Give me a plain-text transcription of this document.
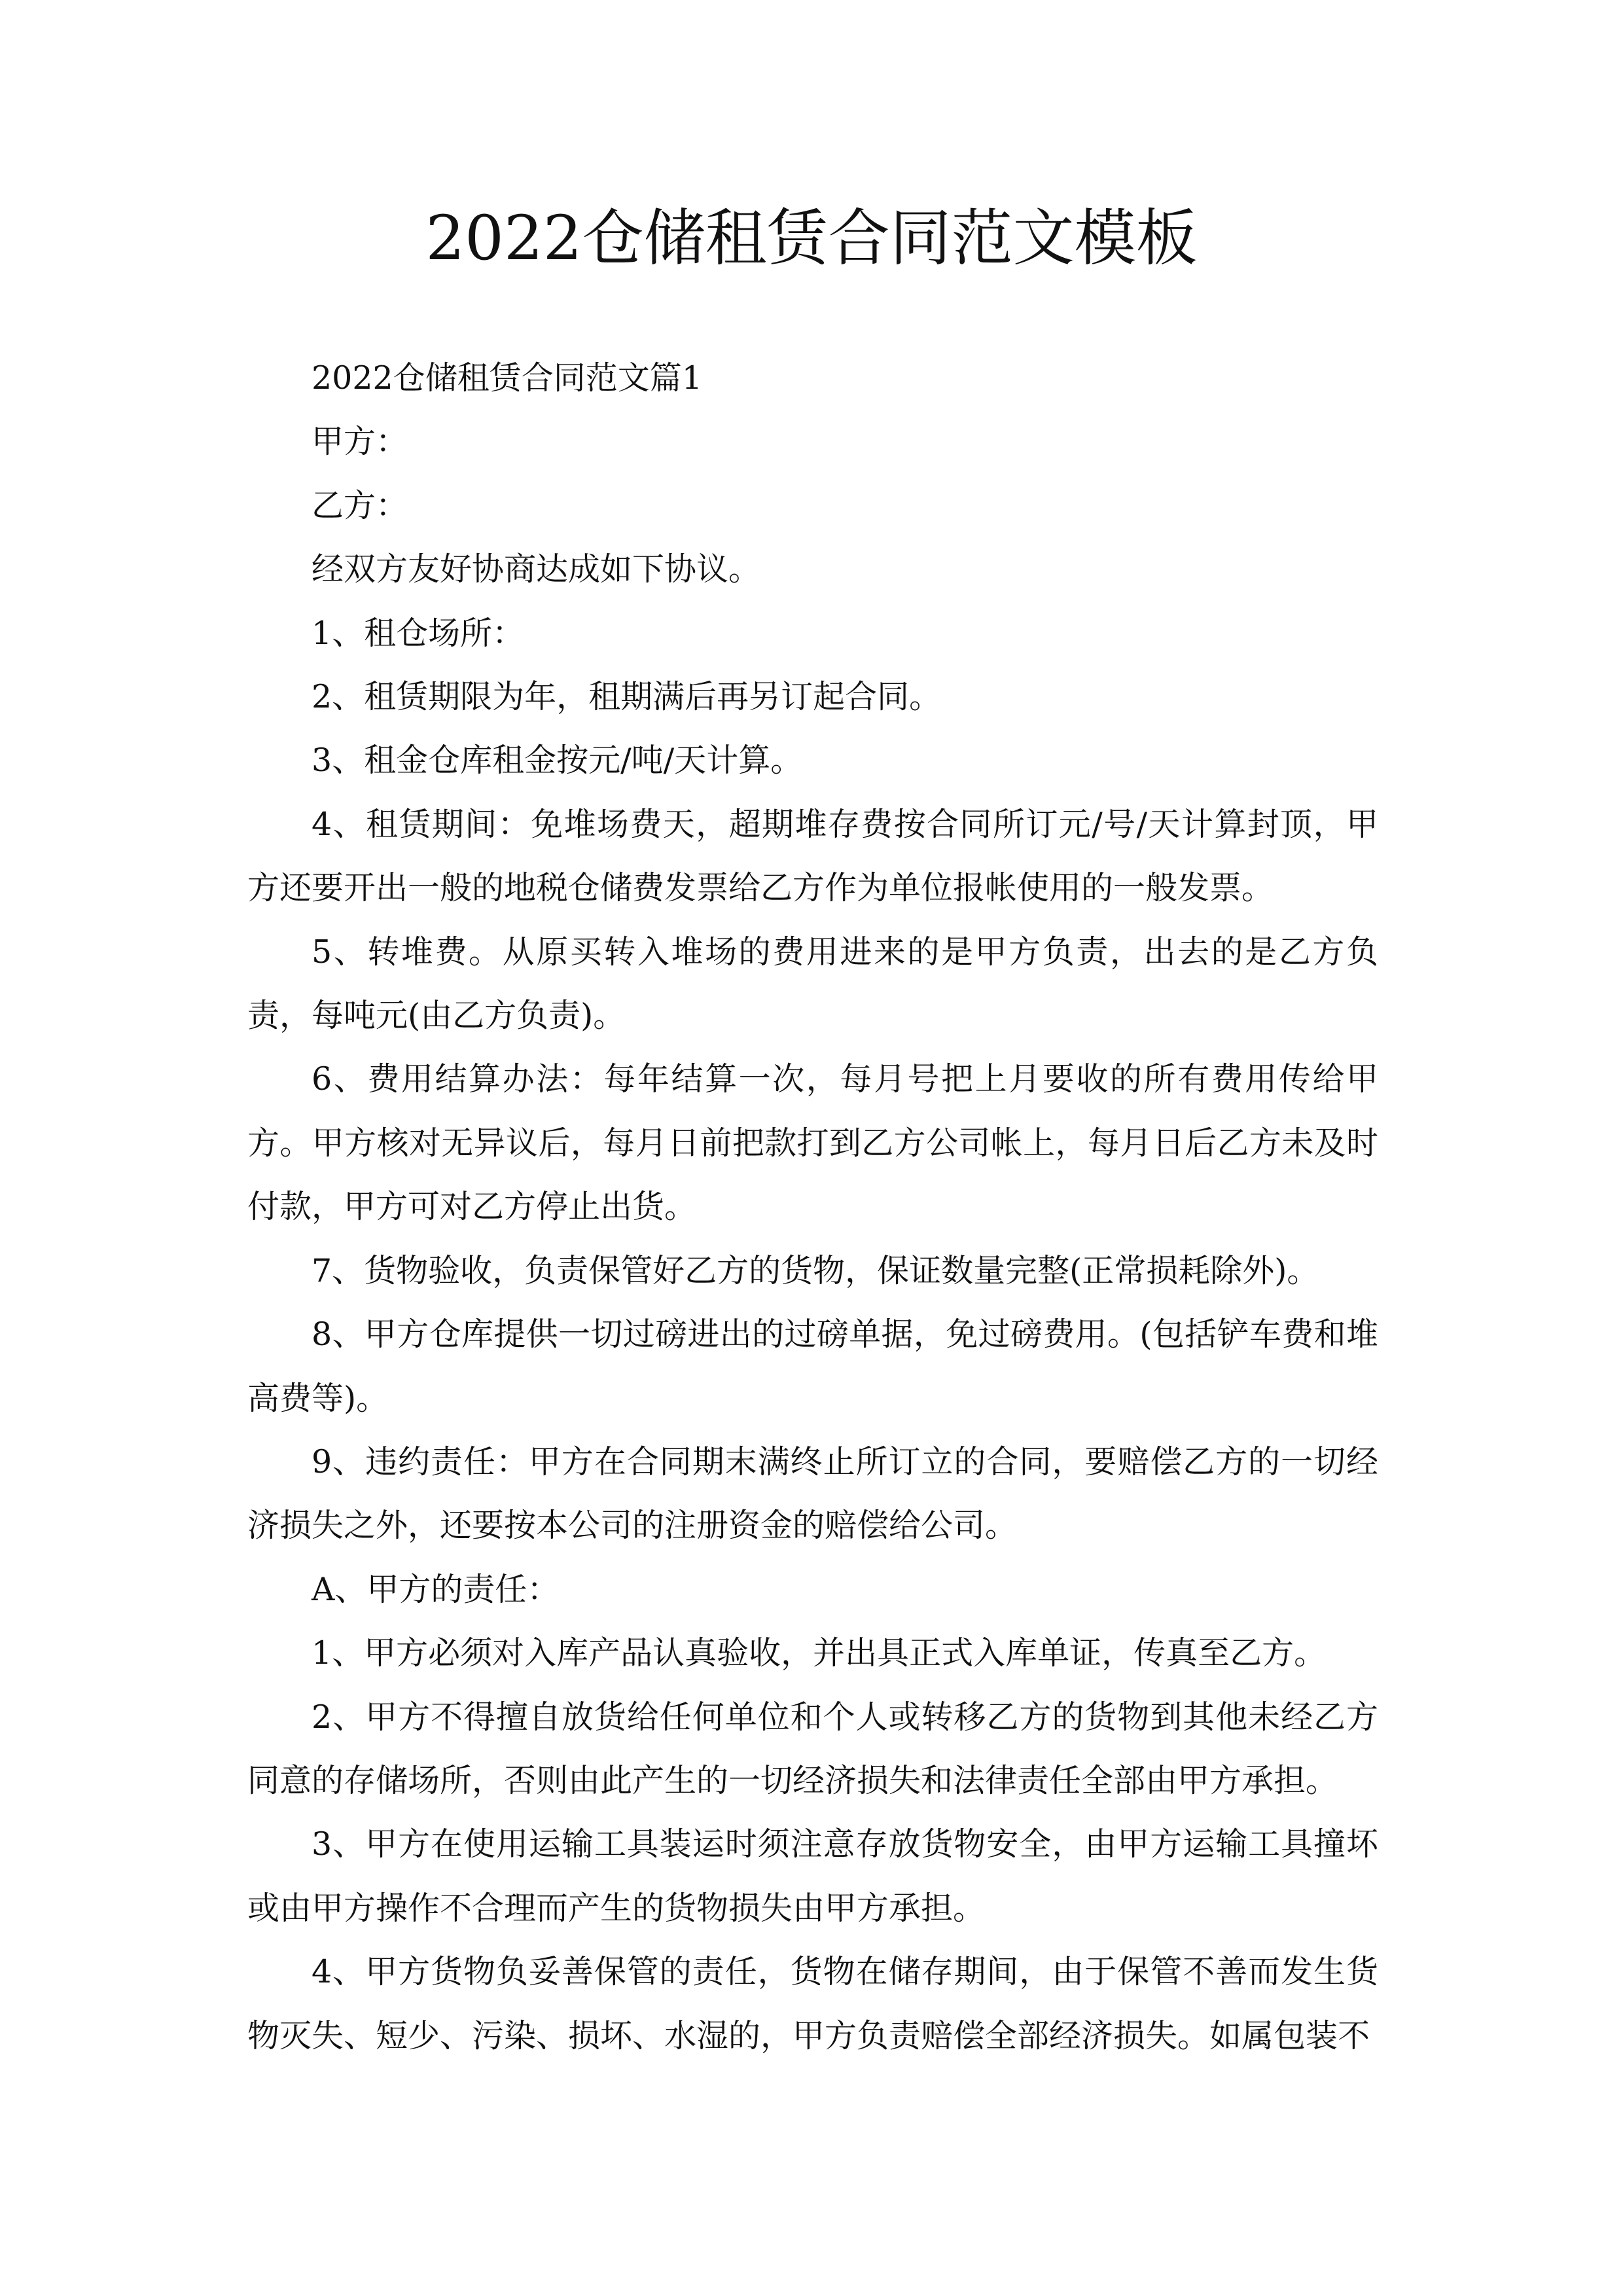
2022仓储租赁合同范文模板

2022仓储租赁合同范文篇1

甲方：

乙方：

经双方友好协商达成如下协议。

1、租仓场所：

2、租赁期限为年，租期满后再另订起合同。

3、租金仓库租金按元/吨/天计算。

4、租赁期间：免堆场费天，超期堆存费按合同所订元/号/天计算封顶，甲方还要开出一般的地税仓储费发票给乙方作为单位报帐使用的一般发票。

5、转堆费。从原买转入堆场的费用进来的是甲方负责，出去的是乙方负责，每吨元(由乙方负责)。

6、费用结算办法：每年结算一次，每月号把上月要收的所有费用传给甲方。甲方核对无异议后，每月日前把款打到乙方公司帐上，每月日后乙方未及时付款，甲方可对乙方停止出货。

7、货物验收，负责保管好乙方的货物，保证数量完整(正常损耗除外)。

8、甲方仓库提供一切过磅进出的过磅单据，免过磅费用。(包括铲车费和堆高费等)。

9、违约责任：甲方在合同期末满终止所订立的合同，要赔偿乙方的一切经济损失之外，还要按本公司的注册资金的赔偿给公司。

A、甲方的责任：

1、甲方必须对入库产品认真验收，并出具正式入库单证，传真至乙方。

2、甲方不得擅自放货给任何单位和个人或转移乙方的货物到其他未经乙方同意的存储场所，否则由此产生的一切经济损失和法律责任全部由甲方承担。

3、甲方在使用运输工具装运时须注意存放货物安全，由甲方运输工具撞坏或由甲方操作不合理而产生的货物损失由甲方承担。

4、甲方货物负妥善保管的责任，货物在储存期间，由于保管不善而发生货物灭失、短少、污染、损坏、水湿的，甲方负责赔偿全部经济损失。如属包装不
